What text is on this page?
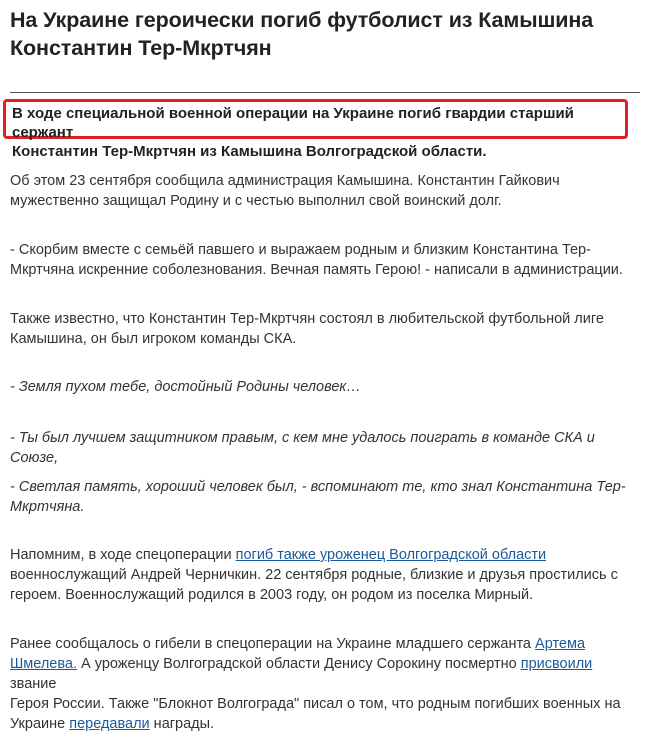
На Украине героически погиб футболист из Камышина
Константин Тер-Мкртчян
В ходе специальной военной операции на Украине погиб гвардии старший сержант
Константин Тер-Мкртчян из Камышина Волгоградской области.

Об этом 23 сентября сообщила администрация Камышина. Константин Гайкович
мужественно защищал Родину и с честью выполнил свой воинский долг.

- Скорбим вместе с семьёй павшего и выражаем родным и близким Константина Тер-
Мкртчяна искренние соболезнования. Вечная память Герою! - написали в администрации.

Также известно, что Константин Тер-Мкртчян состоял в любительской футбольной лиге
Камышина, он был игроком команды СКА.

- Земля пухом тебе, достойный Родины человек…

- Ты был лучшем защитником правым, с кем мне удалось поиграть в команде СКА и Союзе,

- Светлая память, хороший человек был, - вспоминают те, кто знал Константина Тер-
Мкртчяна.

Напомним, в ходе спецоперации погиб также уроженец Волгоградской области
военнослужащий Андрей Черничкин. 22 сентября родные, близкие и друзья простились с
героем. Военнослужащий родился в 2003 году, он родом из поселка Мирный.

Ранее сообщалось о гибели в спецоперации на Украине младшего сержанта Артема
Шмелева. А уроженцу Волгоградской области Денису Сорокину посмертно присвоили звание
Героя России. Также "Блокнот Волгограда" писал о том, что родным погибших военных на
Украине передавали награды.
